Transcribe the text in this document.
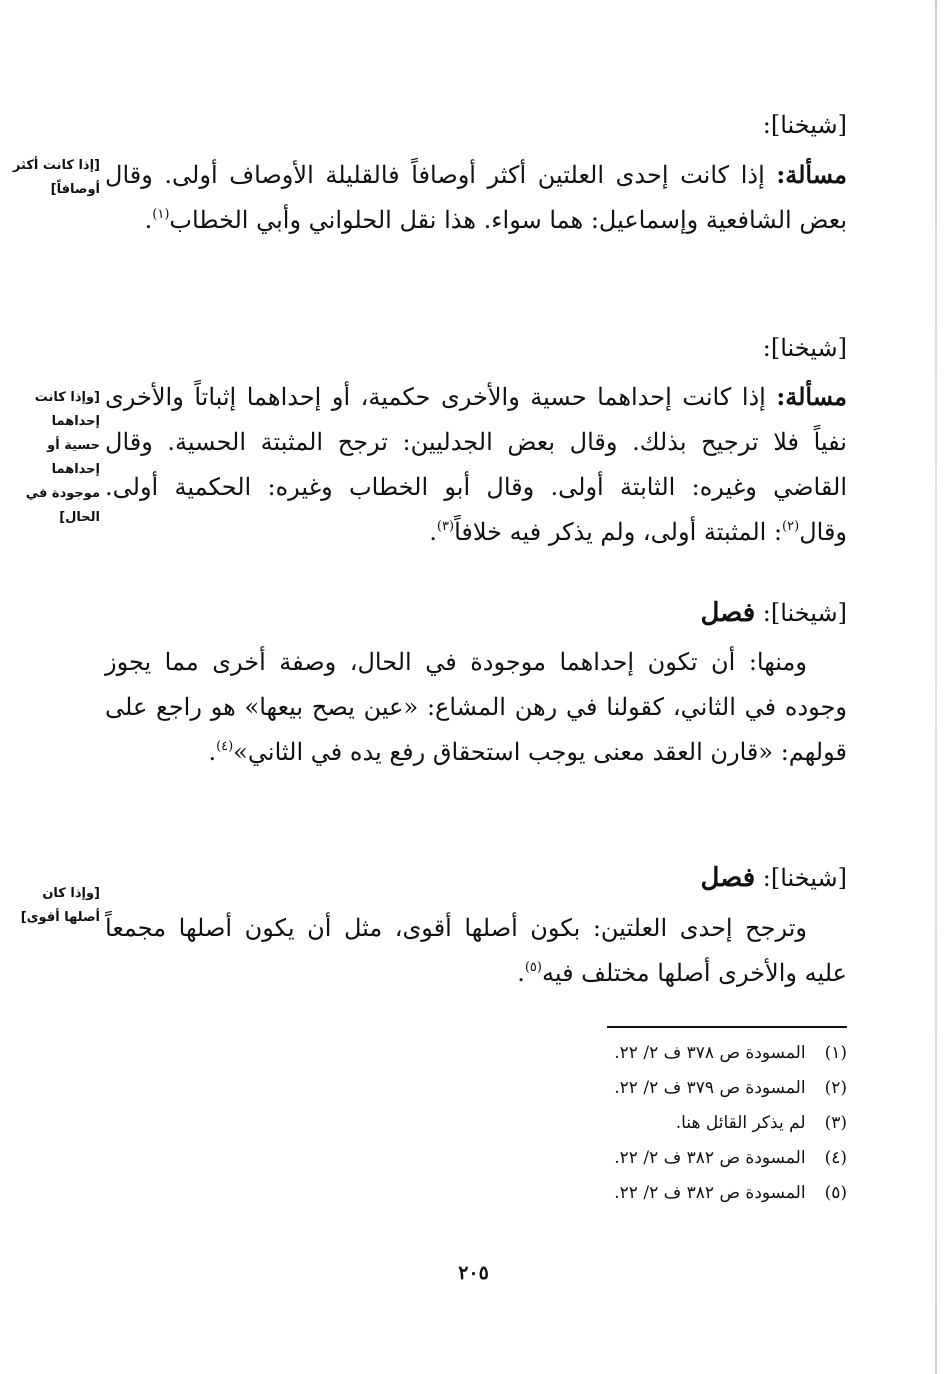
[شيخنا]:
مسألة: إذا كانت إحدى العلتين أكثر أوصافاً فالقليلة الأوصاف أولى. وقال بعض الشافعية وإسماعيل: هما سواء. هذا نقل الحلواني وأبي الخطاب$^{(١)}$.
[إذا كانت أكثر أوصافاً]
[شيخنا]:
مسألة: إذا كانت إحداهما حسية والأخرى حكمية، أو إحداهما إثباتاً والأخرى نفياً فلا ترجيح بذلك. وقال بعض الجدليين: ترجح المثبتة الحسية. وقال القاضي وغيره: الثابتة أولى. وقال أبو الخطاب وغيره: الحكمية أولى. وقال$^{(٢)}$: المثبتة أولى، ولم يذكر فيه خلافاً$^{(٣)}$.
[وإذا كانت إحداهما حسية أو إحداهما موجودة في الحال]
[شيخنا]: فصل
ومنها: أن تكون إحداهما موجودة في الحال، وصفة أخرى مما يجوز وجوده في الثاني، كقولنا في رهن المشاع: «عين يصح بيعها» هو راجع على قولهم: «قارن العقد معنى يوجب استحقاق رفع يده في الثاني»$^{(٤)}$.
[شيخنا]: فصل
وترجح إحدى العلتين: بكون أصلها أقوى، مثل أن يكون أصلها مجمعاً عليه والأخرى أصلها مختلف فيه$^{(٥)}$.
[وإذا كان أصلها أقوى]
(١) المسودة ص ٣٧٨ ف ٢/ ٢٢.
(٢) المسودة ص ٣٧٩ ف ٢/ ٢٢.
(٣) لم يذكر القائل هنا.
(٤) المسودة ص ٣٨٢ ف ٢/ ٢٢.
(٥) المسودة ص ٣٨٢ ف ٢/ ٢٢.
٢٠٥
